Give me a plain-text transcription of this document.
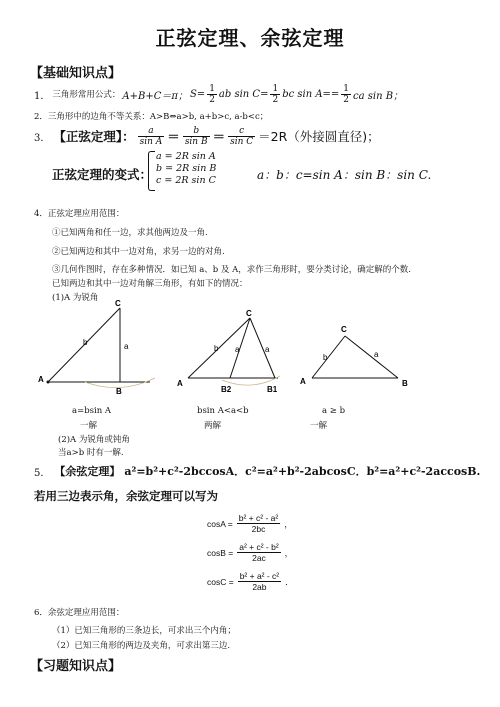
正弦定理、余弦定理
【基础知识点】
1． 三角形常用公式： A+B+C＝π； $S= \frac{1}{2}$ ab $\sin C= \frac{1}{2}$ bc $\sin A== \frac{1}{2}$ ca sin B；
2．三角形中的边角不等关系：A>B⇔a>b, a+b>c, a-b<c；
3． 【正弦定理】： $\frac{a}{\text{sin A}} = \frac{b}{\text{sin B}} = \frac{c}{\text{sin C}} =2R$（外接圆直径)；
正弦定理的变式：
a = 2R sin A
b = 2R sin B
c = 2R sin C	a：b：c=sin A：sin B：sin C.
4．正弦定理应用范围：
①已知两角和任一边，求其他两边及一角.
②已知两边和其中一边对角，求另一边的对角.
③几何作图时，存在多种情况．如已知 a、b 及 A，求作三角形时，要分类讨论，确定解的个数.
已知两边和其中一边对角解三角形，有如下的情况：
(1)A 为锐角
A
B
C
a
b
A
B2	B1
C
b a	a
A	B
C
b	a
a=bsin A
一解
bsin A<a<b
两解
a ≥ b
一解
(2)A 为锐角或钝角
当a>b 时有一解.
5． 【余弦定理】 a²=b²+c²-2bccosA．c²=a²+b²-2abcosC．b²=a²+c²-2accosB.
若用三边表示角，余弦定理可以写为
$\cos A = \frac{\text{b² + c² - a²}}{2bc}$ ，
$\cos B = \frac{\text{a² + c² - b²}}{2ac}$ ，
$\cos C = \frac{\text{b² + a² - c²}}{2ab}$ ．
6．余弦定理应用范围：
（1）已知三角形的三条边长，可求出三个内角；
（2）已知三角形的两边及夹角，可求出第三边.
【习题知识点】
